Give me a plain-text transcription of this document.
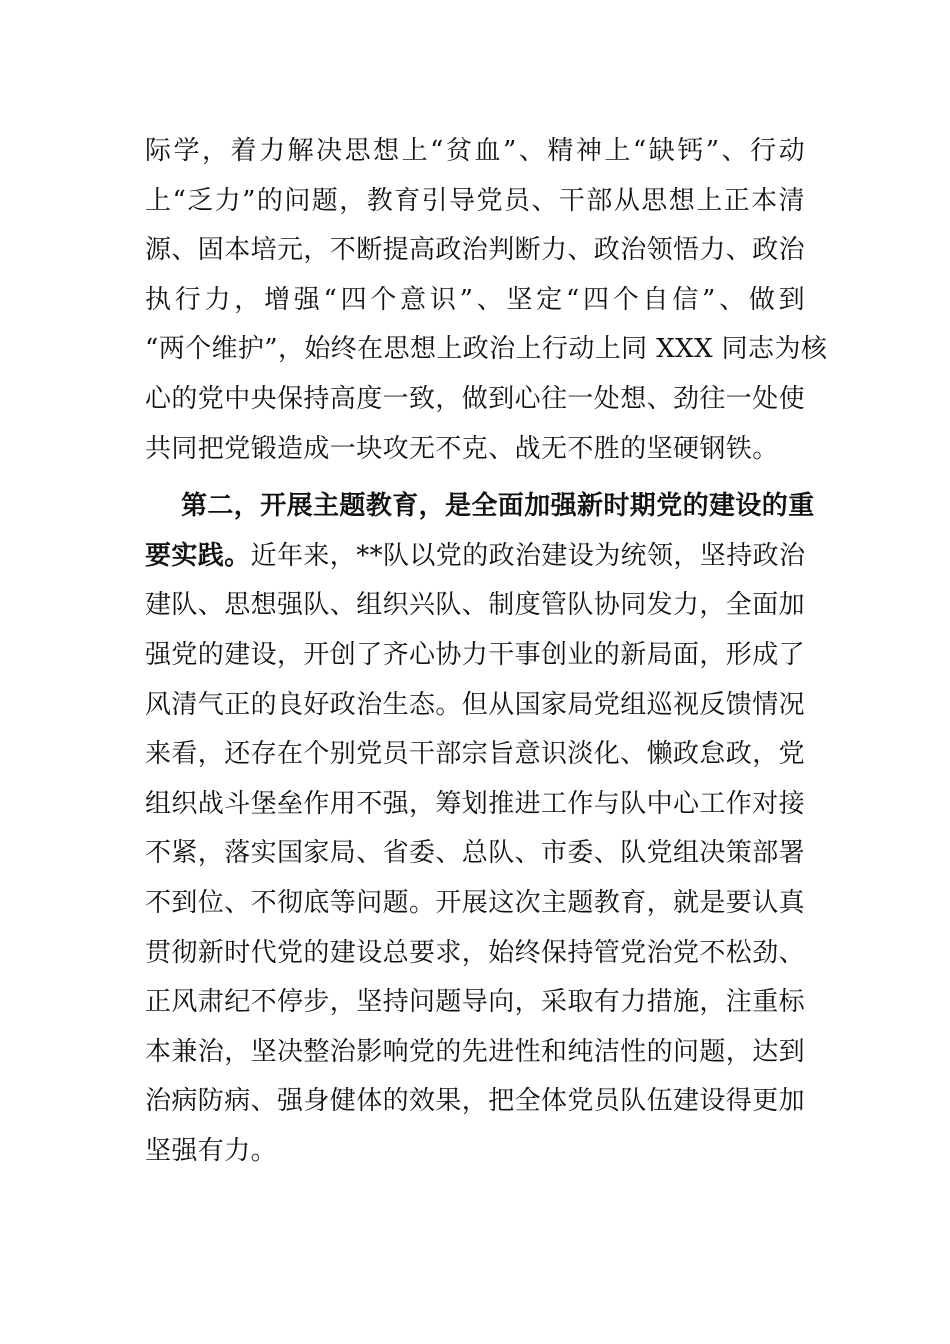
际学，着力解决思想上“贫血”、精神上“缺钙”、行动
上“乏力”的问题，教育引导党员、干部从思想上正本清
源、固本培元，不断提高政治判断力、政治领悟力、政治
执行力，增强“四个意识”、坚定“四个自信”、做到
“两个维护”，始终在思想上政治上行动上同 XXX 同志为核
心的党中央保持高度一致，做到心往一处想、劲往一处使
共同把党锻造成一块攻无不克、战无不胜的坚硬钢铁。
第二，开展主题教育，是全面加强新时期党的建设的重
要实践。近年来，**队以党的政治建设为统领，坚持政治
建队、思想强队、组织兴队、制度管队协同发力，全面加
强党的建设，开创了齐心协力干事创业的新局面，形成了
风清气正的良好政治生态。但从国家局党组巡视反馈情况
来看，还存在个别党员干部宗旨意识淡化、懒政怠政，党
组织战斗堡垒作用不强，筹划推进工作与队中心工作对接
不紧，落实国家局、省委、总队、市委、队党组决策部署
不到位、不彻底等问题。开展这次主题教育，就是要认真
贯彻新时代党的建设总要求，始终保持管党治党不松劲、
正风肃纪不停步，坚持问题导向，采取有力措施，注重标
本兼治，坚决整治影响党的先进性和纯洁性的问题，达到
治病防病、强身健体的效果，把全体党员队伍建设得更加
坚强有力。
